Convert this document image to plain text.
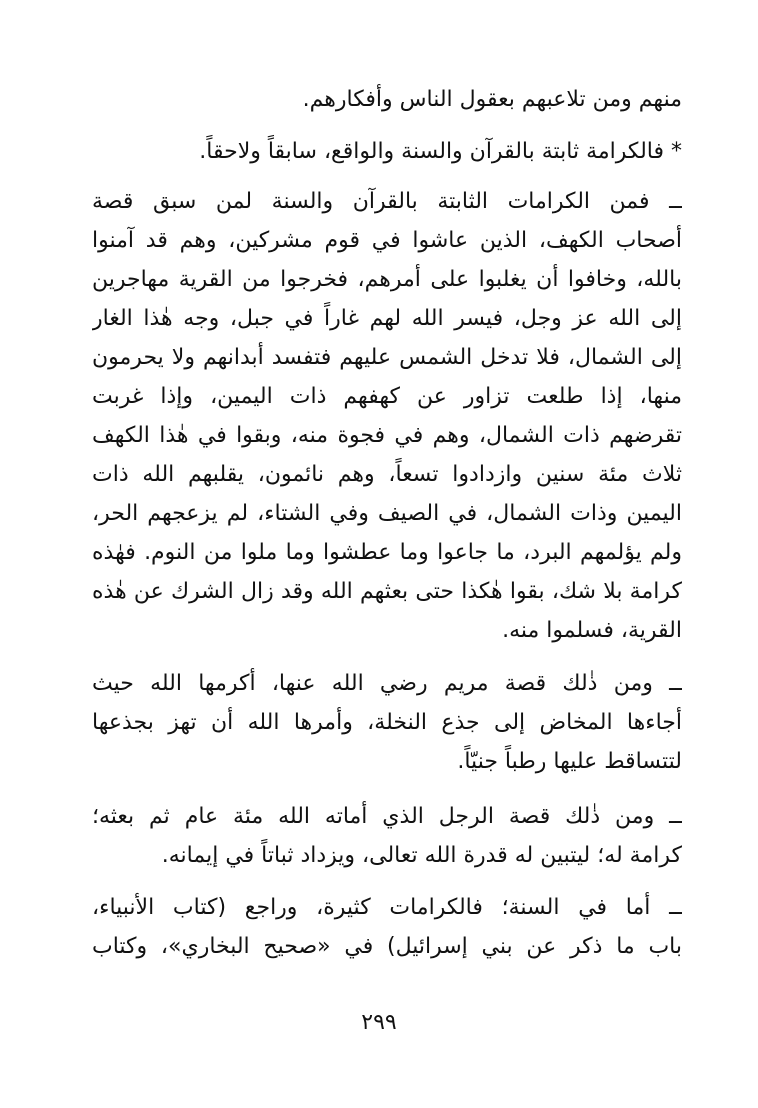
منهم ومن تلاعبهم بعقول الناس وأفكارهم.
* فالكرامة ثابتة بالقرآن والسنة والواقع، سابقاً ولاحقاً.
ــ فمن الكرامات الثابتة بالقرآن والسنة لمن سبق قصة
أصحاب الكهف، الذين عاشوا في قوم مشركين، وهم قد آمنوا
بالله، وخافوا أن يغلبوا على أمرهم، فخرجوا من القرية مهاجرين
إلى الله عز وجل، فيسر الله لهم غاراً في جبل، وجه هٰذا الغار
إلى الشمال، فلا تدخل الشمس عليهم فتفسد أبدانهم ولا يحرمون
منها، إذا طلعت تزاور عن كهفهم ذات اليمين، وإذا غربت
تقرضهم ذات الشمال، وهم في فجوة منه، وبقوا في هٰذا الكهف
ثلاث مئة سنين وازدادوا تسعاً، وهم نائمون، يقلبهم الله ذات
اليمين وذات الشمال، في الصيف وفي الشتاء، لم يزعجهم الحر،
ولم يؤلمهم البرد، ما جاعوا وما عطشوا وما ملوا من النوم. فهٰذه
كرامة بلا شك، بقوا هٰكذا حتى بعثهم الله وقد زال الشرك عن هٰذه
القرية، فسلموا منه.
ــ ومن ذٰلك قصة مريم رضي الله عنها، أكرمها الله حيث
أجاءها المخاض إلى جذع النخلة، وأمرها الله أن تهز بجذعها
لتتساقط عليها رطباً جنيّاً.
ــ ومن ذٰلك قصة الرجل الذي أماته الله مئة عام ثم بعثه؛
كرامة له؛ ليتبين له قدرة الله تعالى، ويزداد ثباتاً في إيمانه.
ــ أما في السنة؛ فالكرامات كثيرة، وراجع (كتاب الأنبياء،
باب ما ذكر عن بني إسرائيل) في «صحيح البخاري»، وكتاب
٢٩٩
